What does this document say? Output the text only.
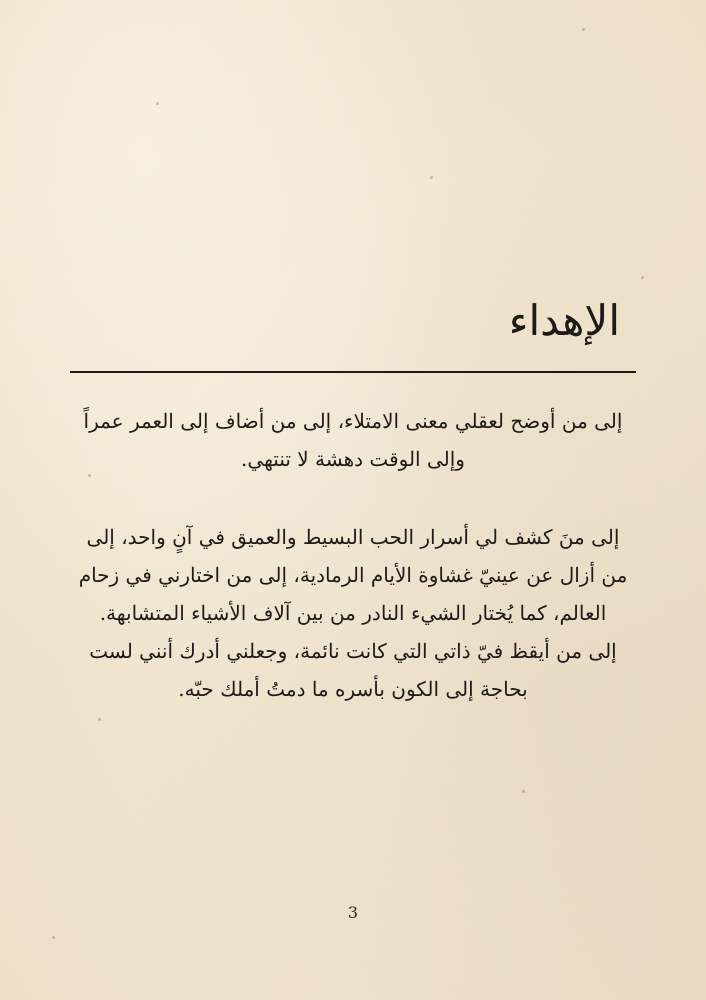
الإهداء

إلى من أوضح لعقلي معنى الامتلاء، إلى من أضاف إلى العمر عمراً وإلى الوقت دهشة لا تنتهي.

إلى منَ كشف لي أسرار الحب البسيط والعميق في آنٍ واحد، إلى من أزال عن عينيّ غشاوة الأيام الرمادية، إلى من اختارني في زحام العالم، كما يُختار الشيء النادر من بين آلاف الأشياء المتشابهة.
إلى من أيقظ فيّ ذاتي التي كانت نائمة، وجعلني أدرك أنني لست بحاجة إلى الكون بأسره ما دمتُ أملك حبّه.
3
